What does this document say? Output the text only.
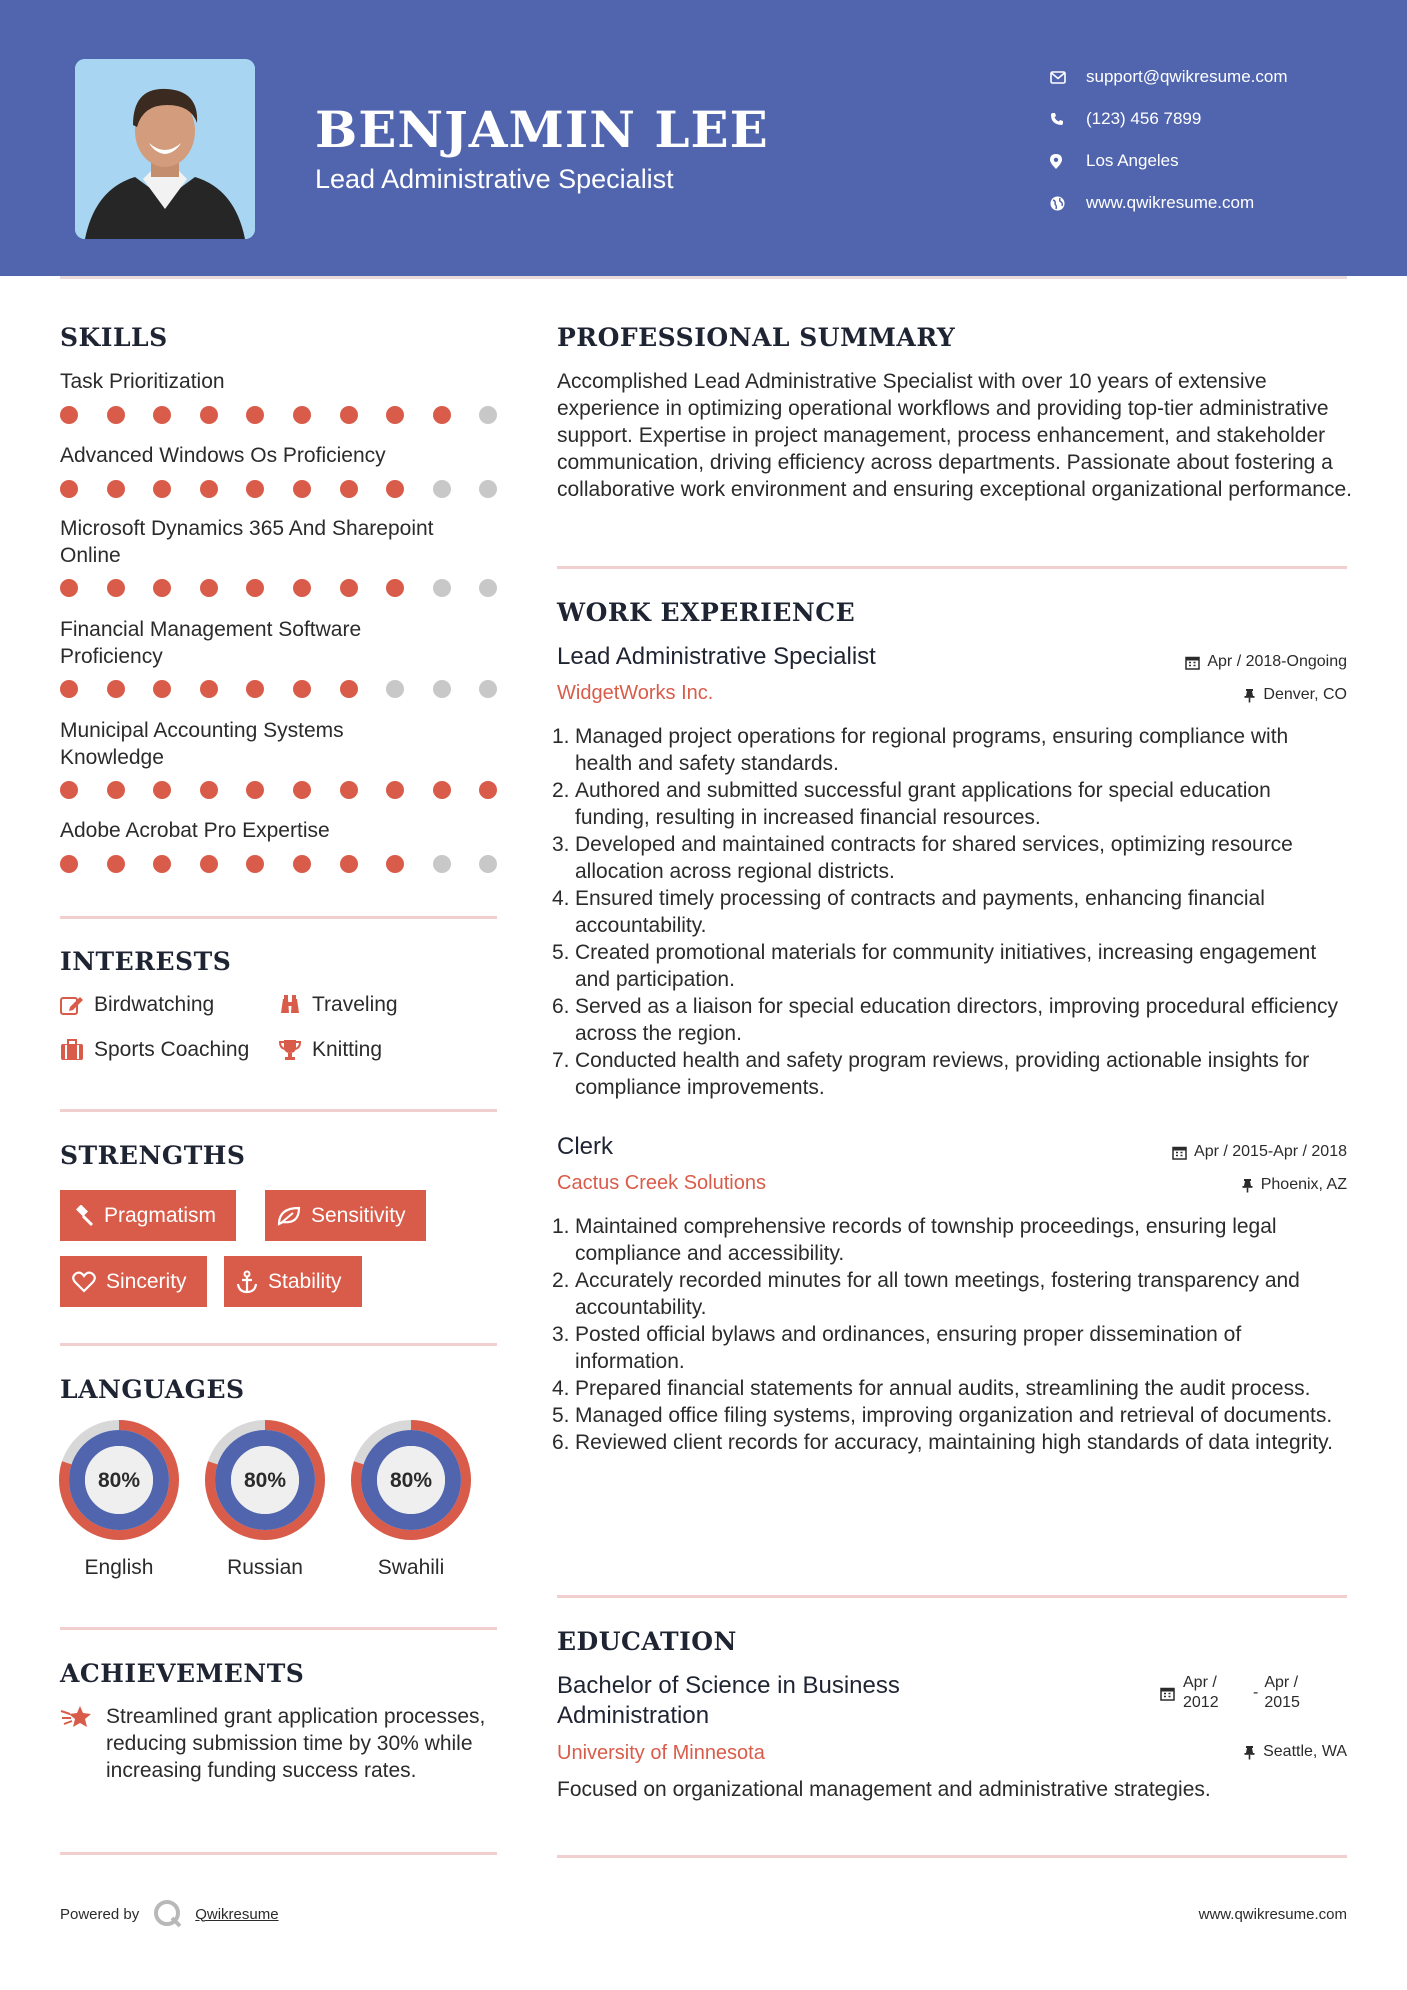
BENJAMIN LEE
Lead Administrative Specialist
support@qwikresume.com
(123) 456 7899
Los Angeles
www.qwikresume.com
SKILLS
Task Prioritization
Advanced Windows Os Proficiency
Microsoft Dynamics 365 And Sharepoint Online
Financial Management Software Proficiency
Municipal Accounting Systems Knowledge
Adobe Acrobat Pro Expertise
INTERESTS
Birdwatching	Traveling
Sports Coaching	Knitting
STRENGTHS
Pragmatism	Sensitivity
Sincerity	Stability
LANGUAGES
80%
English
80%
Russian
80%
Swahili
ACHIEVEMENTS
Streamlined grant application processes, reducing submission time by 30% while increasing funding success rates.
PROFESSIONAL SUMMARY
Accomplished Lead Administrative Specialist with over 10 years of extensive experience in optimizing operational workflows and providing top-tier administrative support. Expertise in project management, process enhancement, and stakeholder communication, driving efficiency across departments. Passionate about fostering a collaborative work environment and ensuring exceptional organizational performance.
WORK EXPERIENCE
Lead Administrative Specialist	Apr / 2018-Ongoing
WidgetWorks Inc.	Denver, CO
1. Managed project operations for regional programs, ensuring compliance with health and safety standards.
2. Authored and submitted successful grant applications for special education funding, resulting in increased financial resources.
3. Developed and maintained contracts for shared services, optimizing resource allocation across regional districts.
4. Ensured timely processing of contracts and payments, enhancing financial accountability.
5. Created promotional materials for community initiatives, increasing engagement and participation.
6. Served as a liaison for special education directors, improving procedural efficiency across the region.
7. Conducted health and safety program reviews, providing actionable insights for compliance improvements.
Clerk	Apr / 2015-Apr / 2018
Cactus Creek Solutions	Phoenix, AZ
1. Maintained comprehensive records of township proceedings, ensuring legal compliance and accessibility.
2. Accurately recorded minutes for all town meetings, fostering transparency and accountability.
3. Posted official bylaws and ordinances, ensuring proper dissemination of information.
4. Prepared financial statements for annual audits, streamlining the audit process.
5. Managed office filing systems, improving organization and retrieval of documents.
6. Reviewed client records for accuracy, maintaining high standards of data integrity.
EDUCATION
Bachelor of Science in Business Administration
Apr / 2012
-
Apr / 2015
University of Minnesota	Seattle, WA
Focused on organizational management and administrative strategies.
Powered by	Qwikresume	www.qwikresume.com
